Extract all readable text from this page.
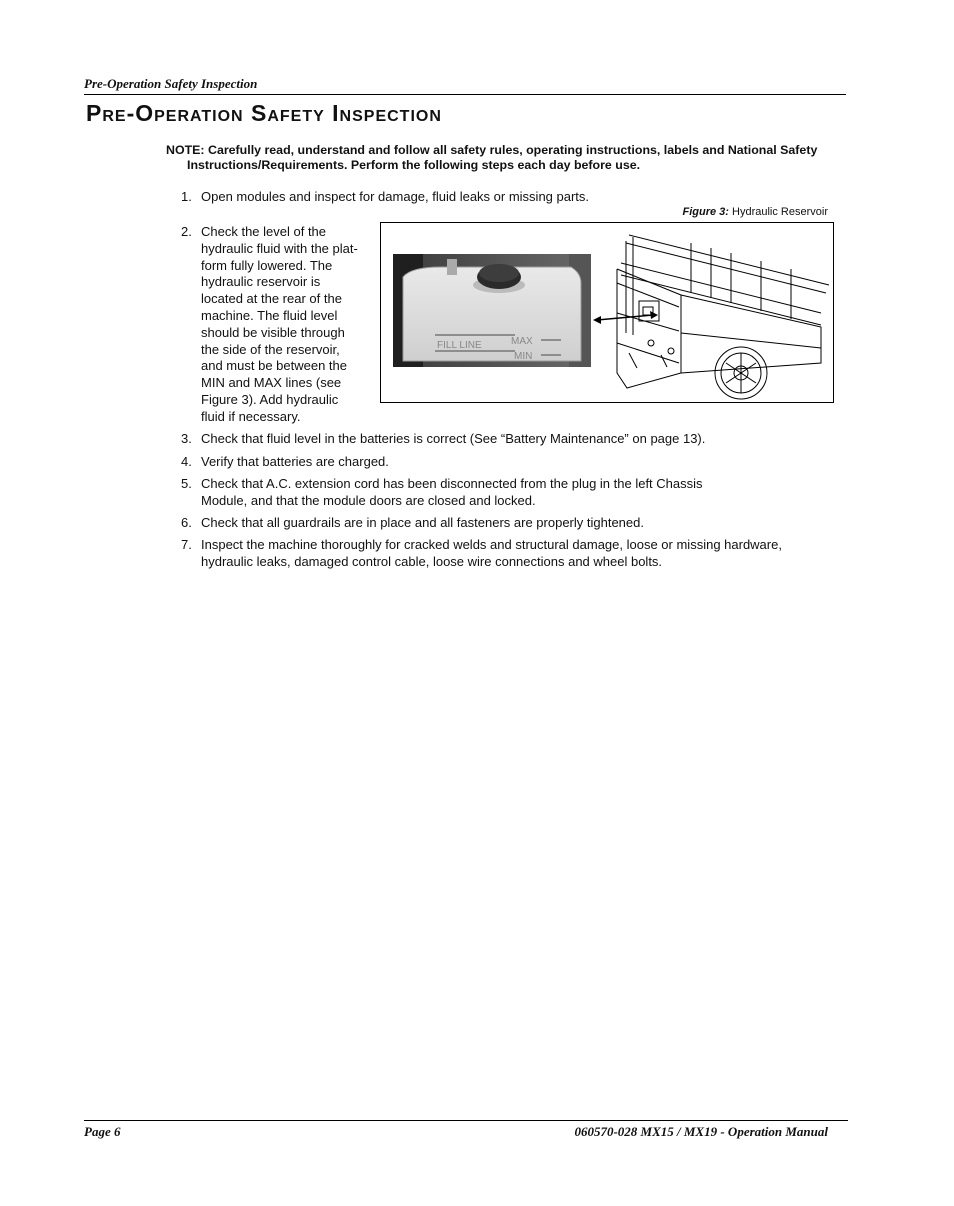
Pre-Operation Safety Inspection
Pre-Operation Safety Inspection
NOTE: Carefully read, understand and follow all safety rules, operating instructions, labels and National Safety Instructions/Requirements. Perform the following steps each day before use.
1. Open modules and inspect for damage, fluid leaks or missing parts.
Figure 3: Hydraulic Reservoir
2. Check the level of the
hydraulic fluid with the plat-
form fully lowered. The
hydraulic reservoir is
located at the rear of the
machine. The fluid level
should be visible through
the side of the reservoir,
and must be between the
MIN and MAX lines (see
Figure 3). Add hydraulic
fluid if necessary.
FILL LINE	MAX
MIN
3. Check that fluid level in the batteries is correct (See “Battery Maintenance” on page 13).
4. Verify that batteries are charged.
5. Check that A.C. extension cord has been disconnected from the plug in the left Chassis
Module, and that the module doors are closed and locked.
6. Check that all guardrails are in place and all fasteners are properly tightened.
7. Inspect the machine thoroughly for cracked welds and structural damage, loose or missing hardware,
hydraulic leaks, damaged control cable, loose wire connections and wheel bolts.
Page 6	060570-028 MX15 / MX19 - Operation Manual
